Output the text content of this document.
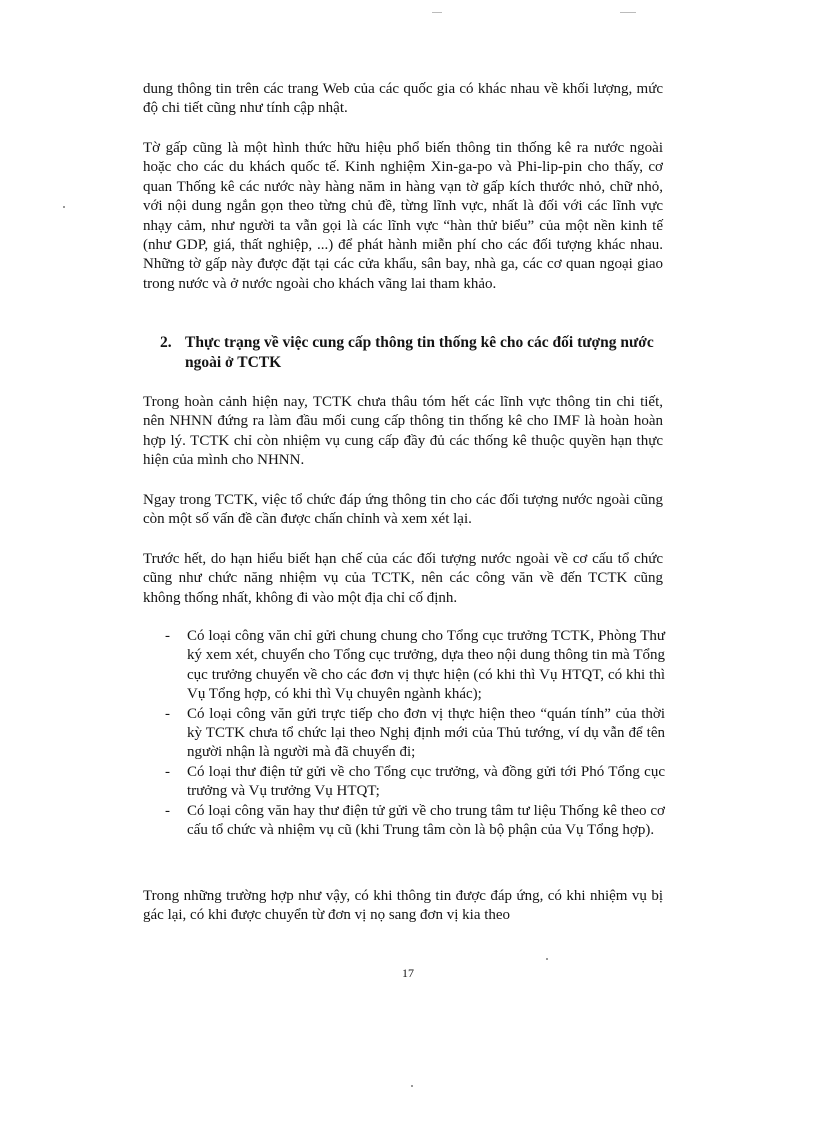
dung thông tin trên các trang Web của các quốc gia có khác nhau về khối lượng, mức độ chi tiết cũng như tính cập nhật.

Tờ gấp cũng là một hình thức hữu hiệu phổ biến thông tin thống kê ra nước ngoài hoặc cho các du khách quốc tế. Kinh nghiệm Xin-ga-po và Phi-lip-pin cho thấy, cơ quan Thống kê các nước này hàng năm in hàng vạn tờ gấp kích thước nhỏ, chữ nhỏ, với nội dung ngắn gọn theo từng chủ đề, từng lĩnh vực, nhất là đối với các lĩnh vực nhạy cảm, như người ta vẫn gọi là các lĩnh vực “hàn thử biểu” của một nền kinh tế (như GDP, giá, thất nghiệp, ...) để phát hành miễn phí cho các đối tượng khác nhau. Những tờ gấp này được đặt tại các cửa khẩu, sân bay, nhà ga, các cơ quan ngoại giao trong nước và ở nước ngoài cho khách vãng lai tham khảo.

2. Thực trạng về việc cung cấp thông tin thống kê cho các đối tượng nước ngoài ở TCTK

Trong hoàn cảnh hiện nay, TCTK chưa thâu tóm hết các lĩnh vực thông tin chi tiết, nên NHNN đứng ra làm đầu mối cung cấp thông tin thống kê cho IMF là hoàn hoàn hợp lý. TCTK chỉ còn nhiệm vụ cung cấp đầy đủ các thống kê thuộc quyền hạn thực hiện của mình cho NHNN.

Ngay trong TCTK, việc tổ chức đáp ứng thông tin cho các đối tượng nước ngoài cũng còn một số vấn đề cần được chấn chỉnh và xem xét lại.

Trước hết, do hạn hiểu biết hạn chế của các đối tượng nước ngoài về cơ cấu tổ chức cũng như chức năng nhiệm vụ của TCTK, nên các công văn về đến TCTK cũng không thống nhất, không đi vào một địa chỉ cố định.

- Có loại công văn chỉ gửi chung chung cho Tổng cục trưởng TCTK, Phòng Thư ký xem xét, chuyển cho Tổng cục trưởng, dựa theo nội dung thông tin mà Tổng cục trưởng chuyển về cho các đơn vị thực hiện (có khi thì Vụ HTQT, có khi thì Vụ Tổng hợp, có khi thì Vụ chuyên ngành khác);
- Có loại công văn gửi trực tiếp cho đơn vị thực hiện theo “quán tính” của thời kỳ TCTK chưa tổ chức lại theo Nghị định mới của Thủ tướng, ví dụ vẫn để tên người nhận là người mà đã chuyển đi;
- Có loại thư điện tử gửi về cho Tổng cục trưởng, và đồng gửi tới Phó Tổng cục trưởng và Vụ trưởng Vụ HTQT;
- Có loại công văn hay thư điện tử gửi về cho trung tâm tư liệu Thống kê theo cơ cấu tổ chức và nhiệm vụ cũ (khi Trung tâm còn là bộ phận của Vụ Tổng hợp).

Trong những trường hợp như vậy, có khi thông tin được đáp ứng, có khi nhiệm vụ bị gác lại, có khi được chuyển từ đơn vị nọ sang đơn vị kia theo

17
